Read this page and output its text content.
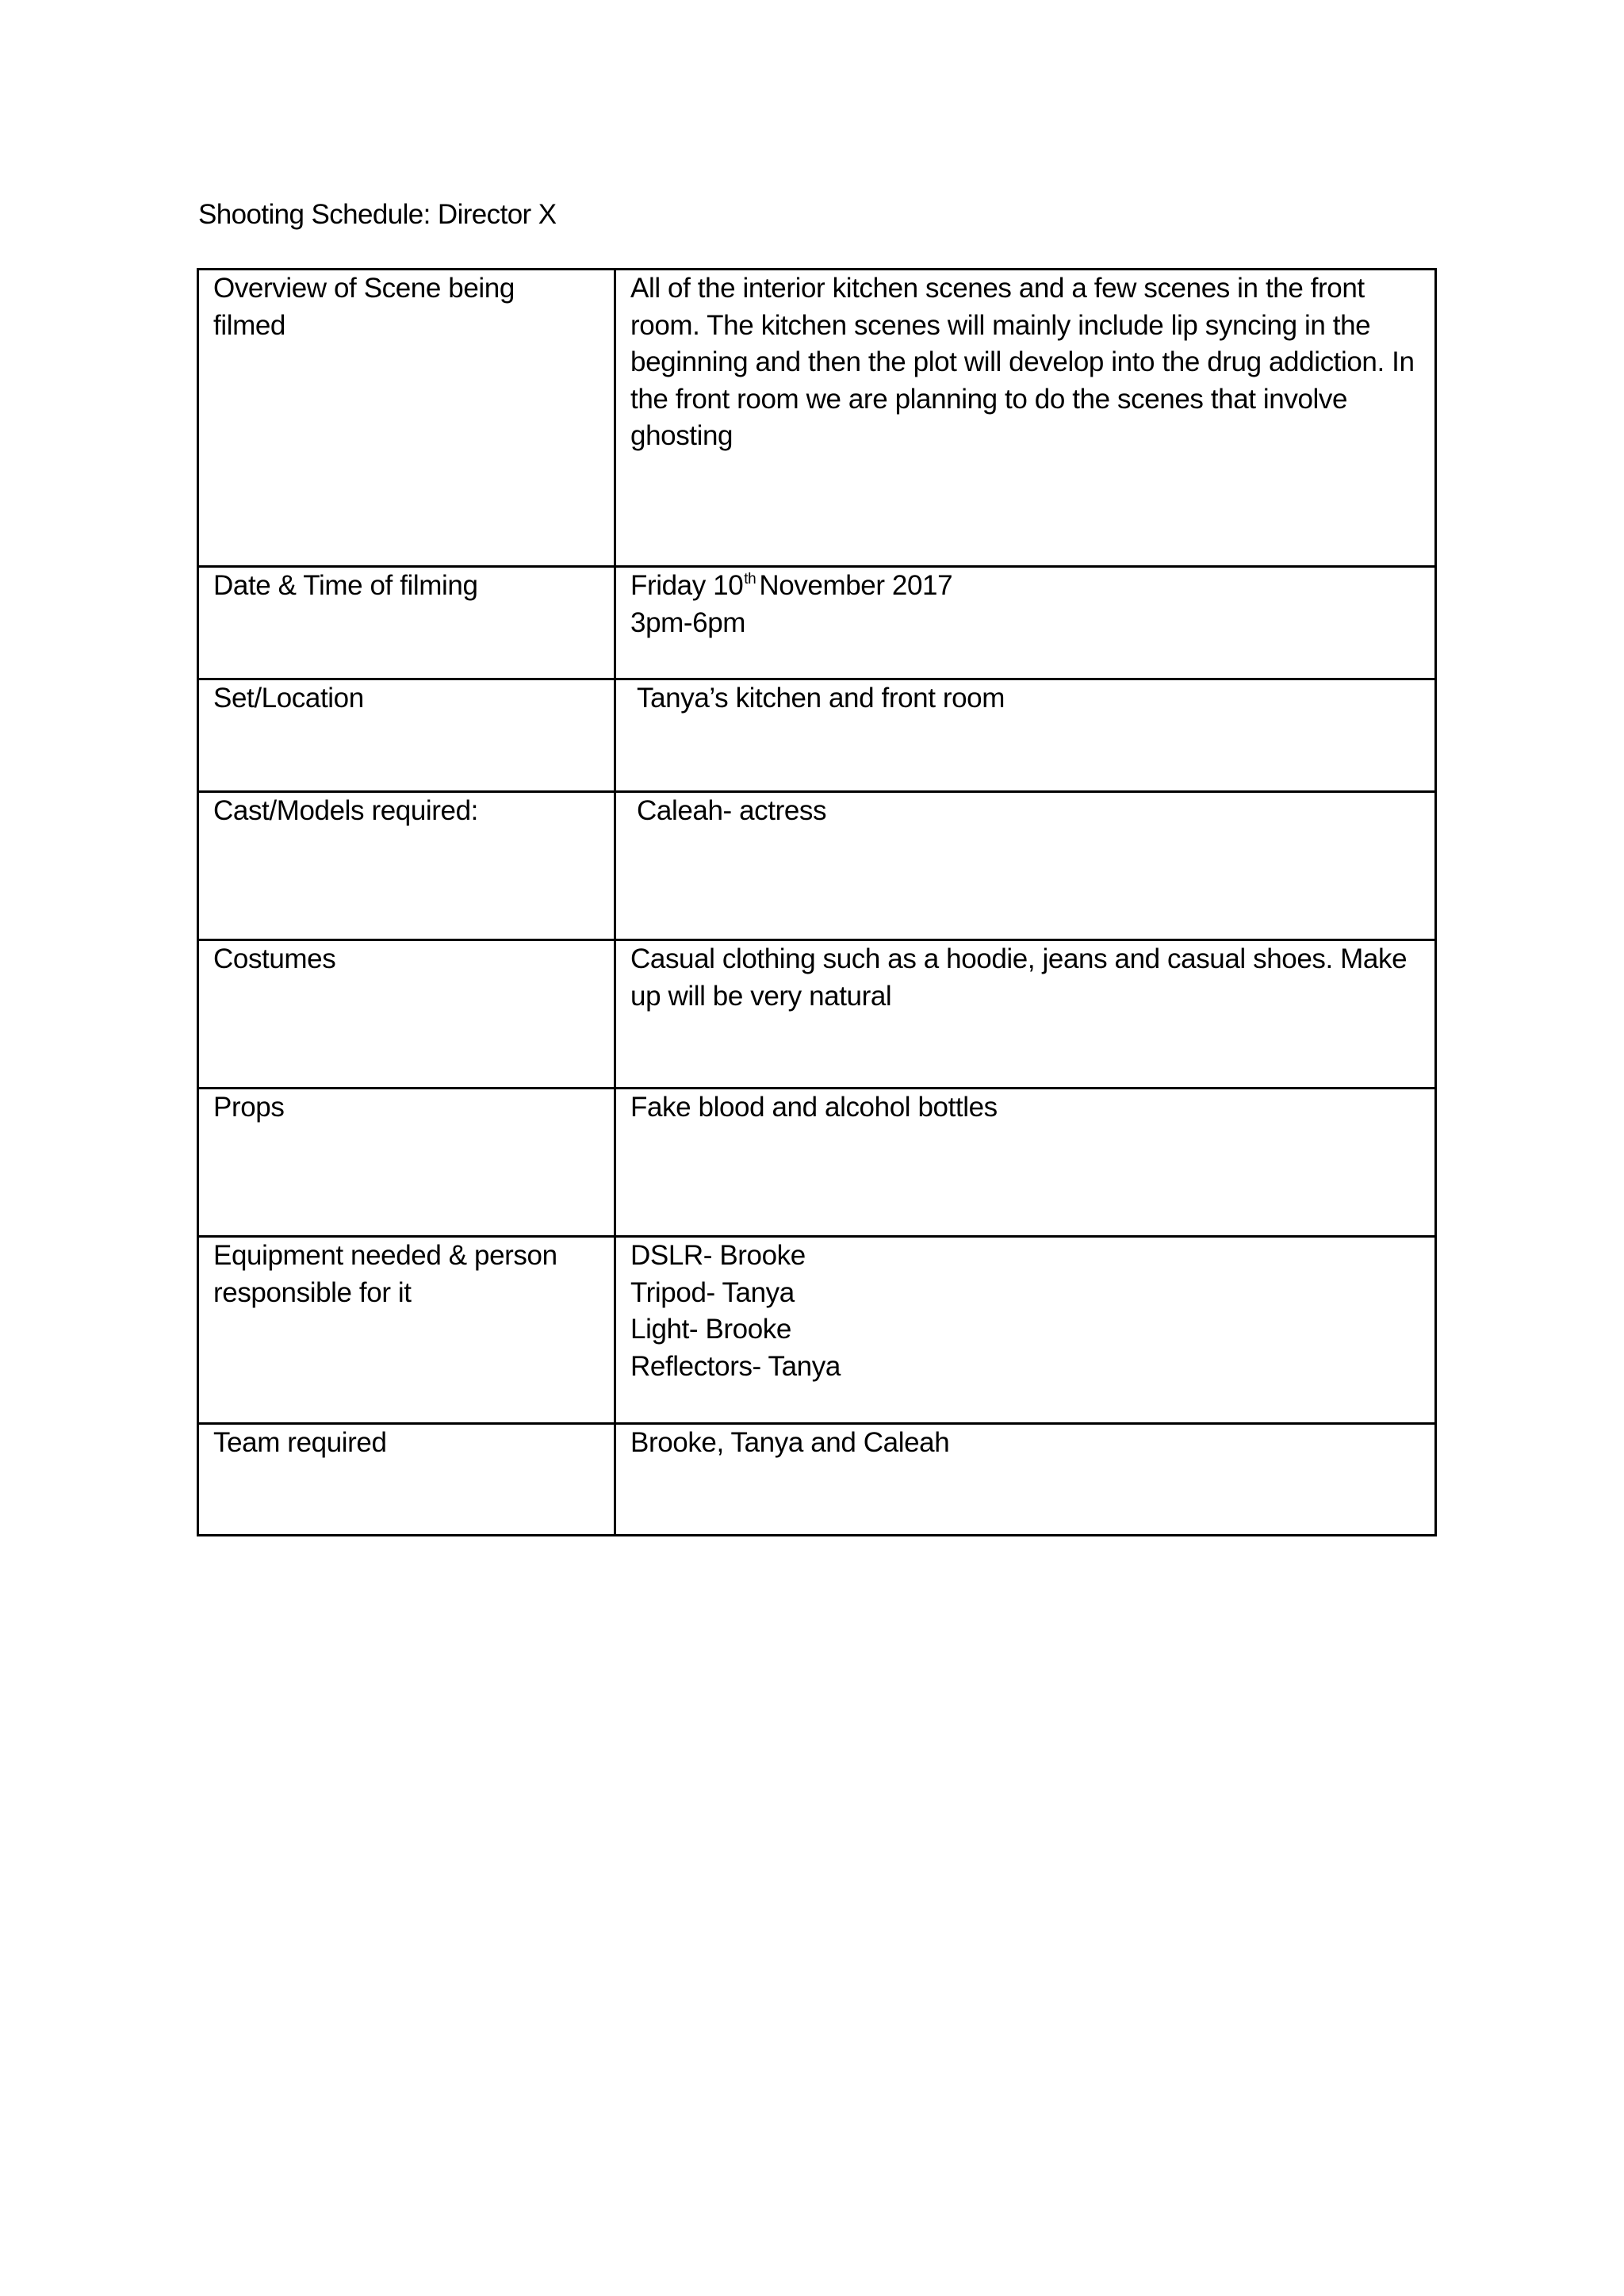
Shooting Schedule: Director X
Overview of Scene being filmed	All of the interior kitchen scenes and a few scenes in the front room. The kitchen scenes will mainly include lip syncing in the beginning and then the plot will develop into the drug addiction. In the front room we are planning to do the scenes that involve ghosting

Date & Time of filming	Friday 10th November 2017
3pm-6pm

Set/Location	Tanya’s kitchen and front room

Cast/Models required:	Caleah- actress

Costumes	Casual clothing such as a hoodie, jeans and casual shoes. Make up will be very natural

Props	Fake blood and alcohol bottles

Equipment needed & person responsible for it	DSLR- Brooke
Tripod- Tanya
Light- Brooke
Reflectors- Tanya

Team required	Brooke, Tanya and Caleah
